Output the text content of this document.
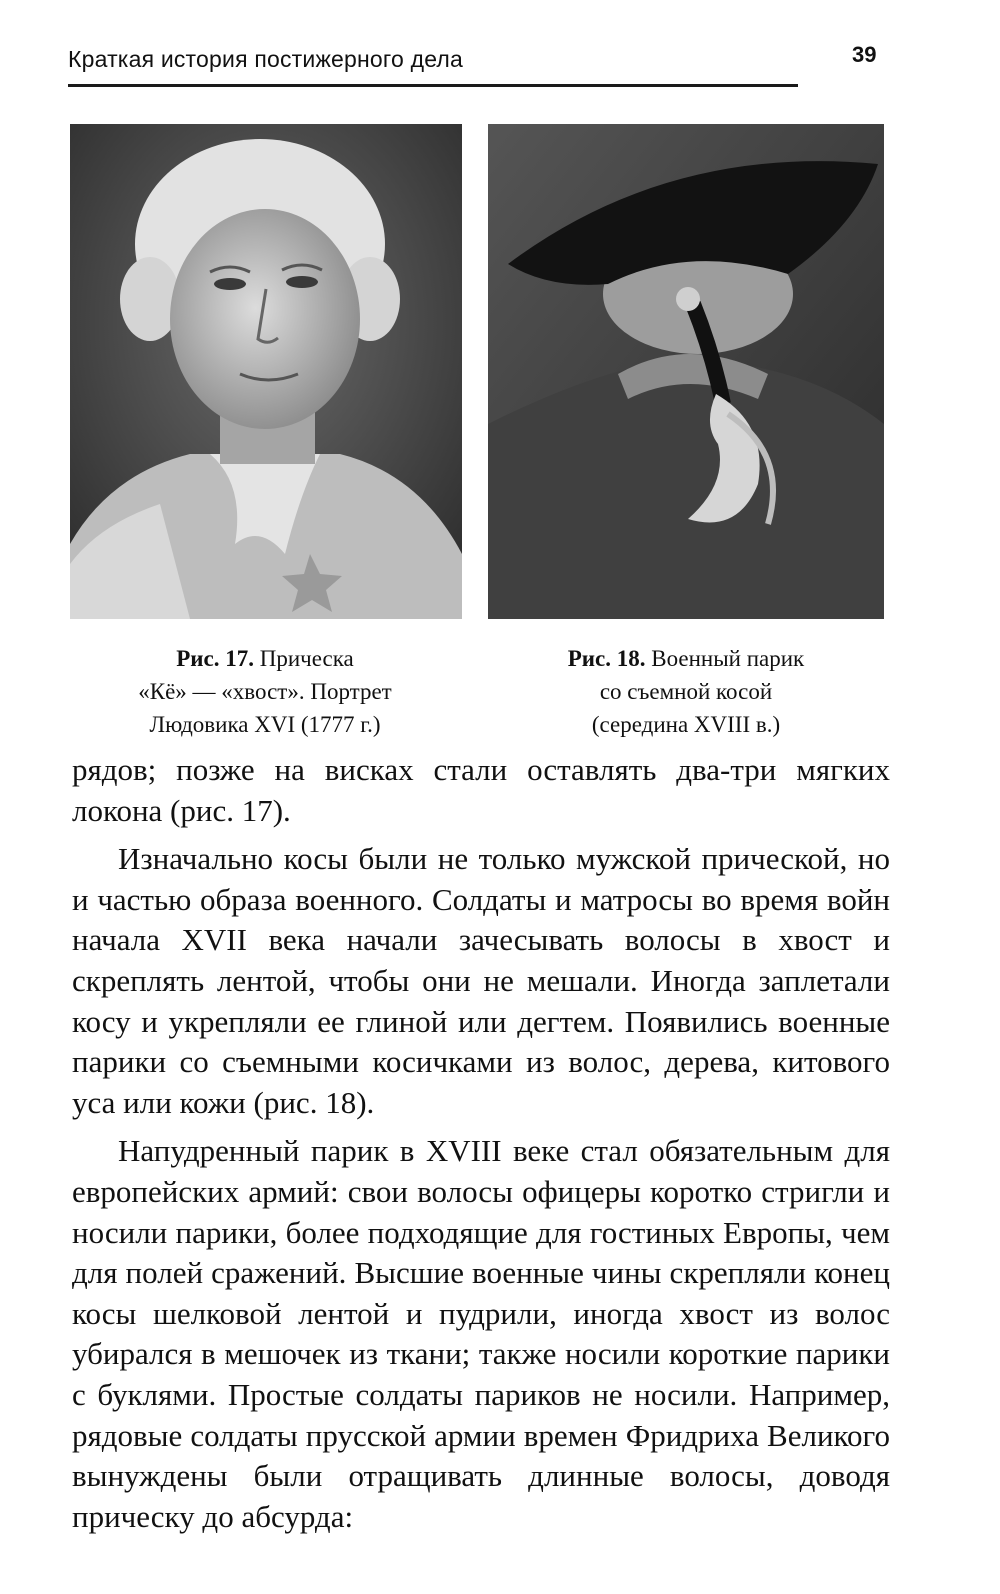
Краткая история постижерного дела	39
Рис. 17. Прическа
«Кё» — «хвост». Портрет
Людовика XVI (1777 г.)
Рис. 18. Военный парик
со съемной косой
(середина XVIII в.)

рядов; позже на висках стали оставлять два-три мягких локона (рис. 17).

Изначально косы были не только мужской прической, но и частью образа военного. Солдаты и матросы во время войн начала XVII века начали зачесывать волосы в хвост и скреплять лентой, чтобы они не мешали. Иногда заплетали косу и укрепляли ее глиной или дегтем. Появились военные парики со съемными косичками из волос, дерева, китового уса или кожи (рис. 18).

Напудренный парик в XVIII веке стал обязательным для европейских армий: свои волосы офицеры коротко стригли и носили парики, более подходящие для гостиных Европы, чем для полей сражений. Высшие военные чины скрепляли конец косы шелковой лентой и пудрили, иногда хвост из волос убирался в мешочек из ткани; также носили короткие парики с буклями. Простые солдаты париков не носили. Например, рядовые солдаты прусской армии времен Фридриха Великого вынуждены были отращивать длинные волосы, доводя прическу до абсурда:
